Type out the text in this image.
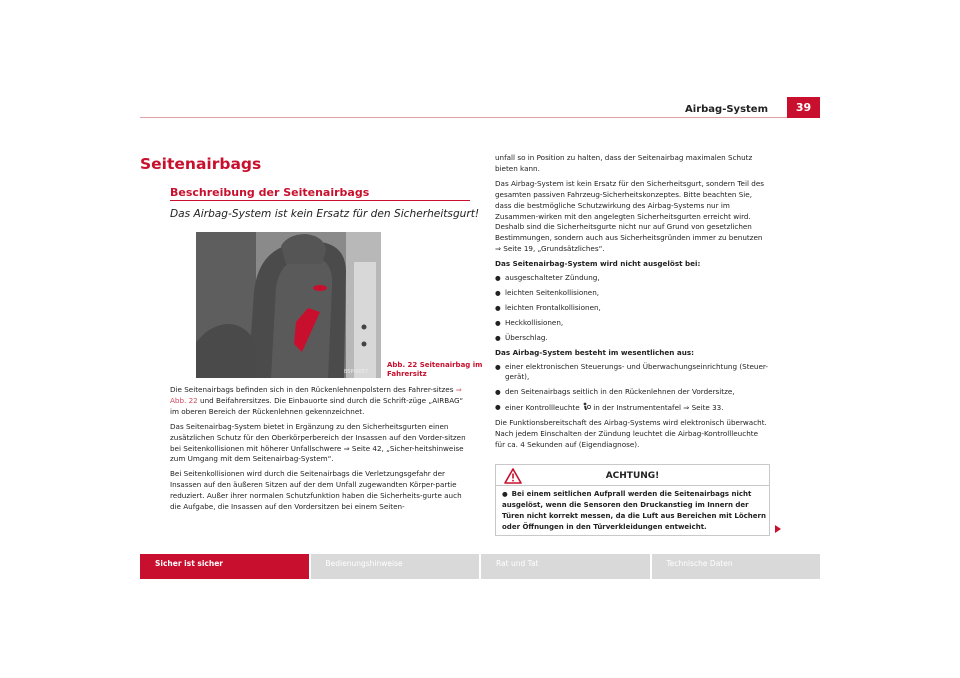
Airbag-System	39
Seitenairbags
Beschreibung der Seitenairbags
Das Airbag-System ist kein Ersatz für den Sicherheitsgurt!
B5P-0057
Abb. 22 Seitenairbag im
Fahrersitz

Die Seitenairbags befinden sich in den Rückenlehnenpolstern des Fahrer-sitzes ⇒ Abb. 22 und Beifahrersitzes. Die Einbauorte sind durch die Schrift-züge „AIRBAG“ im oberen Bereich der Rückenlehnen gekennzeichnet.

Das Seitenairbag-System bietet in Ergänzung zu den Sicherheitsgurten einen zusätzlichen Schutz für den Oberkörperbereich der Insassen auf den Vorder-sitzen bei Seitenkollisionen mit höherer Unfallschwere ⇒ Seite 42, „Sicher-heitshinweise zum Umgang mit dem Seitenairbag-System“.

Bei Seitenkollisionen wird durch die Seitenairbags die Verletzungsgefahr der Insassen auf den äußeren Sitzen auf der dem Unfall zugewandten Körper-partie reduziert. Außer ihrer normalen Schutzfunktion haben die Sicherheits-gurte auch die Aufgabe, die Insassen auf den Vordersitzen bei einem Seiten-

unfall so in Position zu halten, dass der Seitenairbag maximalen Schutz bieten kann.

Das Airbag-System ist kein Ersatz für den Sicherheitsgurt, sondern Teil des gesamten passiven Fahrzeug-Sicherheitskonzeptes. Bitte beachten Sie, dass die bestmögliche Schutzwirkung des Airbag-Systems nur im Zusammen-wirken mit den angelegten Sicherheitsgurten erreicht wird. Deshalb sind die Sicherheitsgurte nicht nur auf Grund von gesetzlichen Bestimmungen, sondern auch aus Sicherheitsgründen immer zu benutzen ⇒ Seite 19, „Grundsätzliches“.

Das Seitenairbag-System wird nicht ausgelöst bei:

● ausgeschalteter Zündung,
● leichten Seitenkollisionen,
● leichten Frontalkollisionen,
● Heckkollisionen,
● Überschlag.

Das Airbag-System besteht im wesentlichen aus:

● einer elektronischen Steuerungs- und Überwachungseinrichtung (Steuer-gerät),
● den Seitenairbags seitlich in den Rückenlehnen der Vordersitze,
● einer Kontrollleuchte  in der Instrumententafel ⇒ Seite 33.

Die Funktionsbereitschaft des Airbag-Systems wird elektronisch überwacht. Nach jedem Einschalten der Zündung leuchtet die Airbag-Kontrollleuchte für ca. 4 Sekunden auf (Eigendiagnose).

ACHTUNG!
● Bei einem seitlichen Aufprall werden die Seitenairbags nicht ausgelöst, wenn die Sensoren den Druckanstieg im Innern der Türen nicht korrekt messen, da die Luft aus Bereichen mit Löchern oder Öffnungen in den Türverkleidungen entweicht.
Sicher ist sicher	Bedienungshinweise	Rat und Tat	Technische Daten
